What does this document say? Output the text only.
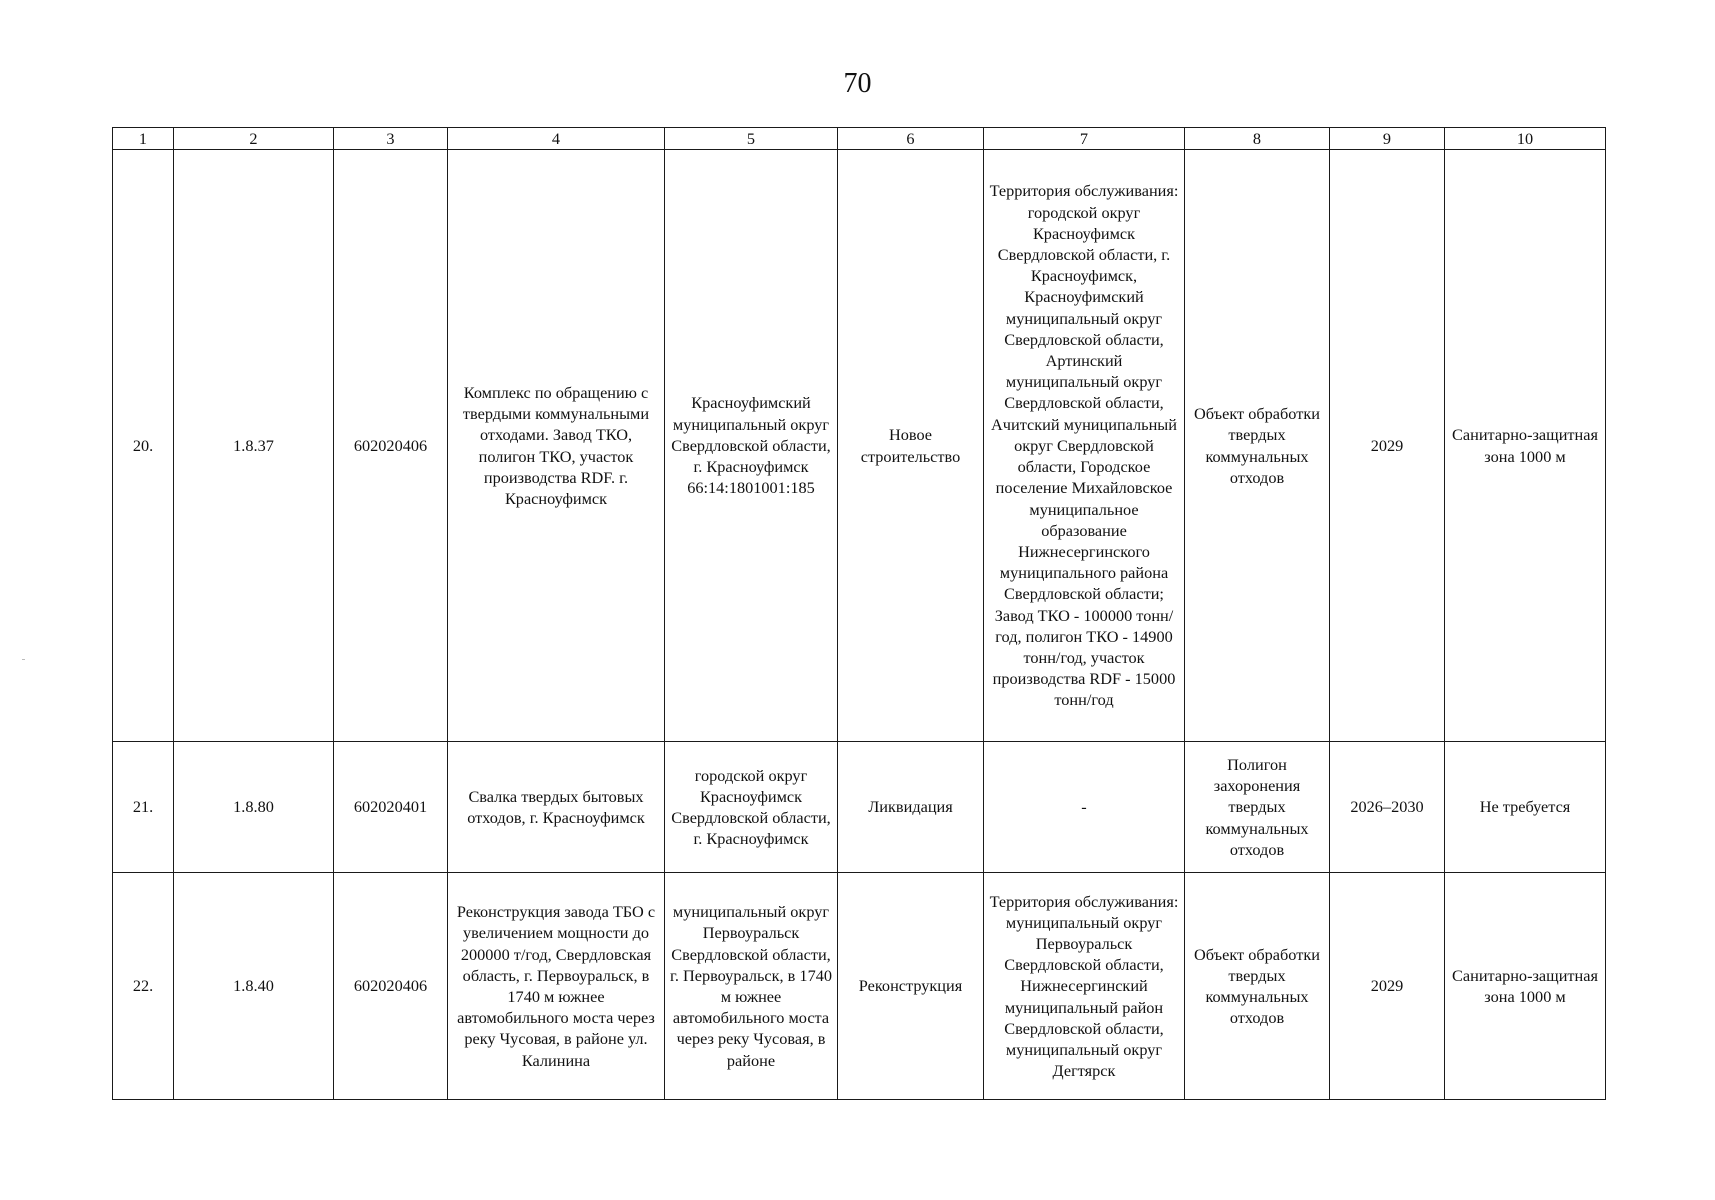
70
1	2	3	4	5	6	7	8	9	10
20.	1.8.37	602020406	Комплекс по обращению с твердыми коммунальными отходами. Завод ТКО, полигон ТКО, участок производства RDF. г. Красноуфимск	Красноуфимский муниципальный округ Свердловской области, г. Красноуфимск 66:14:1801001:185	Новое строительство	Территория обслуживания: городской округ Красноуфимск Свердловской области, г. Красноуфимск, Красноуфимский муниципальный округ Свердловской области, Артинский муниципальный округ Свердловской области, Ачитский муниципальный округ Свердловской области, Городское поселение Михайловское муниципальное образование Нижнесергинского муниципального района Свердловской области; Завод ТКО - 100000 тонн/год, полигон ТКО - 14900 тонн/год, участок производства RDF - 15000 тонн/год	Объект обработки твердых коммунальных отходов	2029	Санитарно-защитная зона 1000 м
21.	1.8.80	602020401	Свалка твердых бытовых отходов, г. Красноуфимск	городской округ Красноуфимск Свердловской области, г. Красноуфимск	Ликвидация	-	Полигон захоронения твердых коммунальных отходов	2026–2030	Не требуется
22.	1.8.40	602020406	Реконструкция завода ТБО с увеличением мощности до 200000 т/год, Свердловская область, г. Первоуральск, в 1740 м южнее автомобильного моста через реку Чусовая, в районе ул. Калинина	муниципальный округ Первоуральск Свердловской области, г. Первоуральск, в 1740 м южнее автомобильного моста через реку Чусовая, в районе	Реконструкция	Территория обслуживания: муниципальный округ Первоуральск Свердловской области, Нижнесергинский муниципальный район Свердловской области, муниципальный округ Дегтярск	Объект обработки твердых коммунальных отходов	2029	Санитарно-защитная зона 1000 м
